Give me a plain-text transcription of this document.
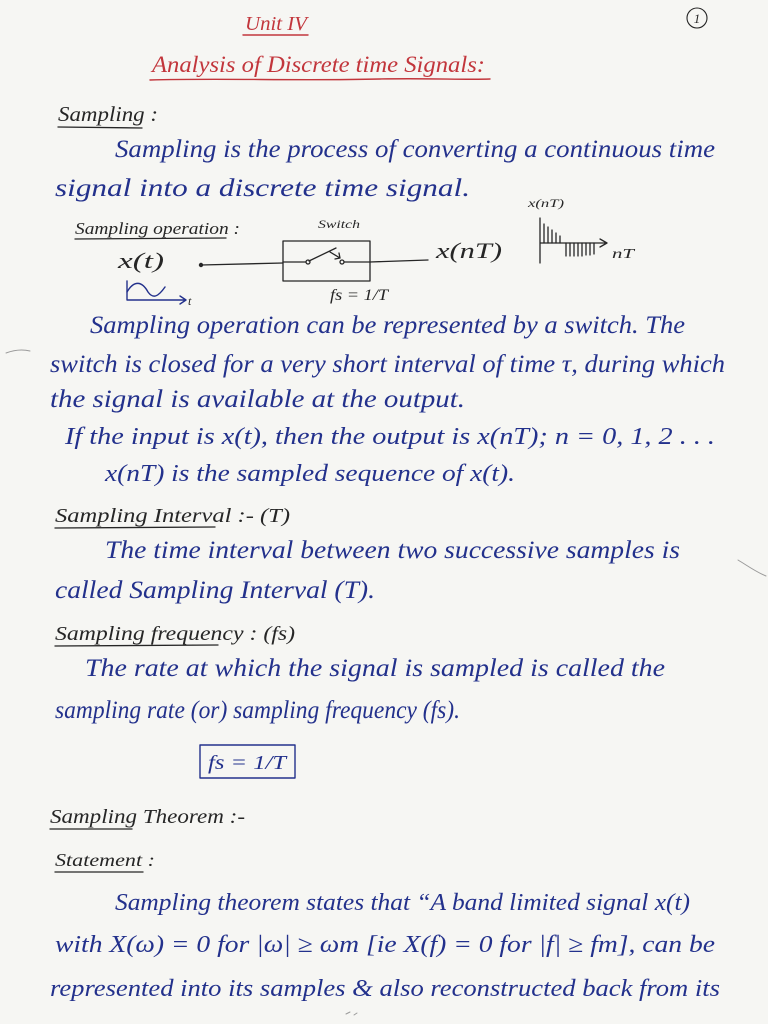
Unit IV	1
Analysis of Discrete time Signals:
Sampling :
Sampling is the process of converting a continuous time
signal into a discrete time signal.
Sampling operation :
x(t)
Switch
x(nT)
fs = 1/T
t
x(nT)
nT
Sampling operation can be represented by a switch. The
switch is closed for a very short interval of time τ, during which
the signal is available at the output.
If the input is x(t), then the output is x(nT); n = 0, 1, 2 . . .
x(nT) is the sampled sequence of x(t).
Sampling Interval :- (T)
The time interval between two successive samples is
called Sampling Interval (T).
Sampling frequency : (fs)
The rate at which the signal is sampled is called the
sampling rate (or) sampling frequency (fs).
fs = 1/T
Sampling Theorem :-
Statement :
Sampling theorem states that “A band limited signal x(t)
with X(ω) = 0 for |ω| ≥ ωm [ie X(f) = 0 for |f| ≥ fm], can be
represented into its samples & also reconstructed back from its
